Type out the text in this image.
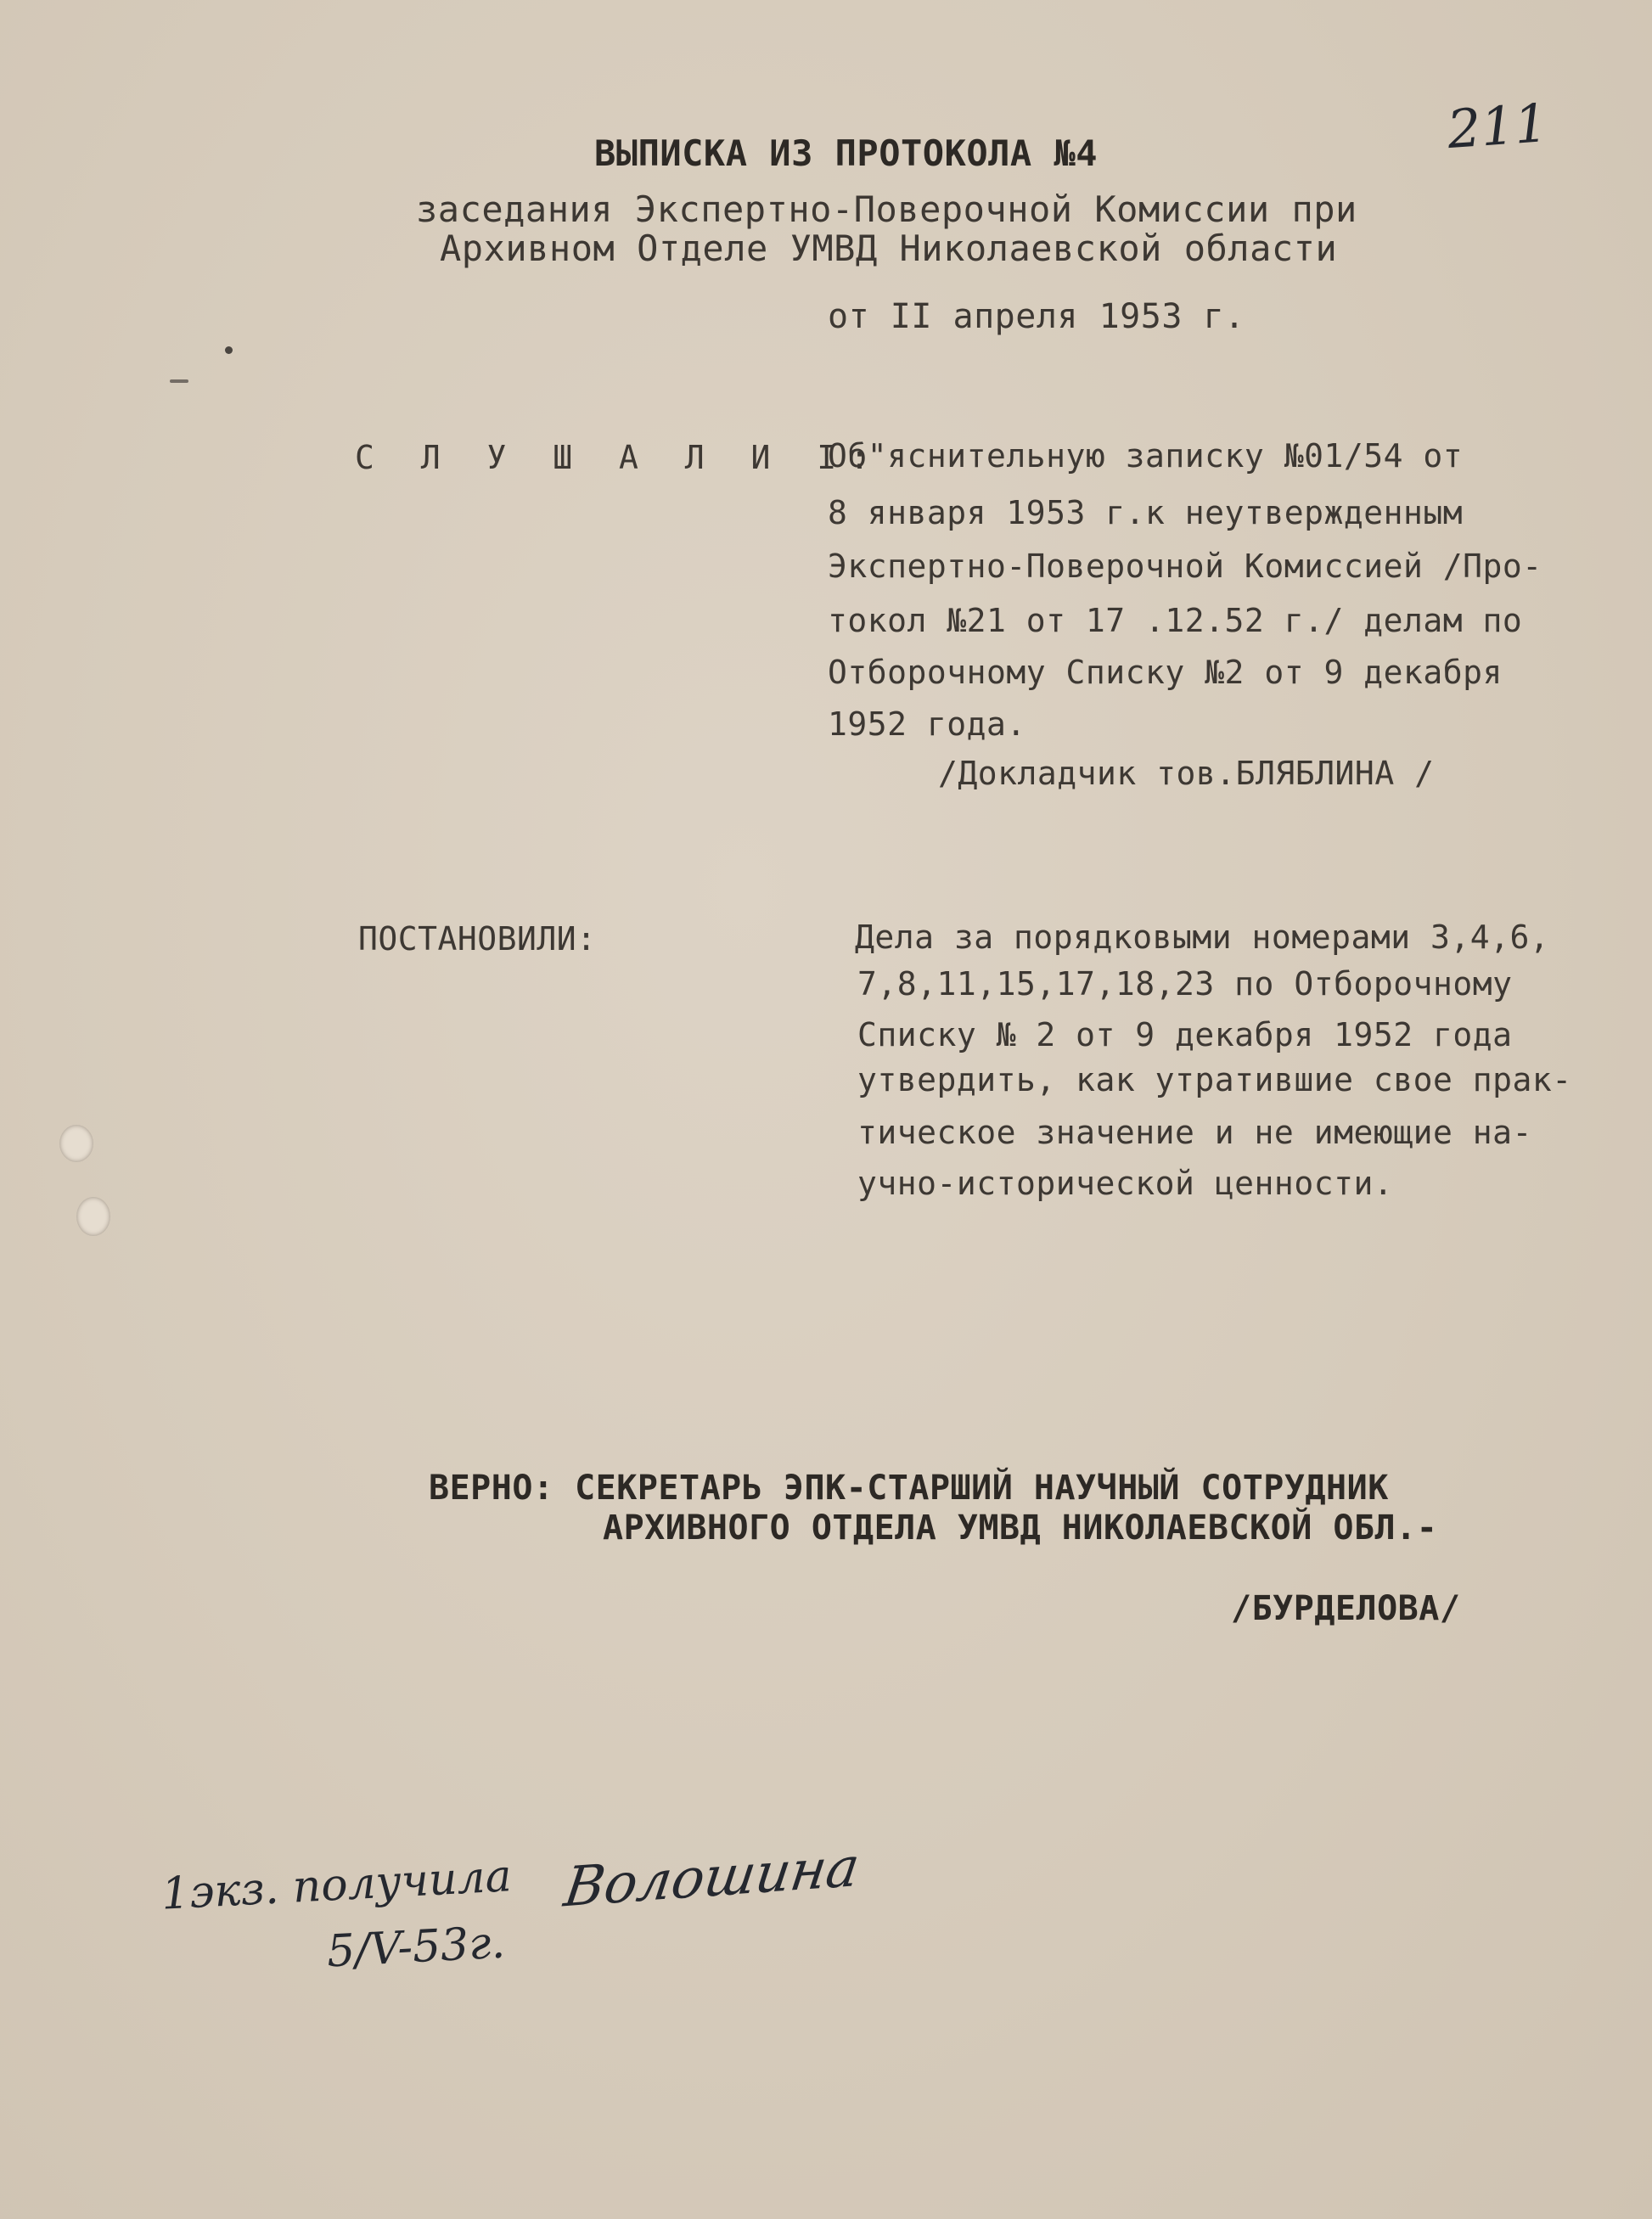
211
ВЫПИСКА ИЗ ПРОТОКОЛА №4
заседания Экспертно-Поверочной Комиссии при
Архивном Отделе УМВД Николаевской области
от II апреля 1953 г.
С Л У Ш А Л И I:
Об"яснительную записку №01/54 от
8 января 1953 г.к неутвержденным
Экспертно-Поверочной Комиссией /Про-
токол №21 от 17 .12.52 г./ делам по
Отборочному Списку №2 от 9 декабря
1952 года.
/Докладчик тов.БЛЯБЛИНА /
ПОСТАНОВИЛИ:	Дела за порядковыми номерами 3,4,6,
7,8,11,15,17,18,23 по Отборочному
Списку № 2 от 9 декабря 1952 года
утвердить, как утратившие свое прак-
тическое значение и не имеющие на-
учно-исторической ценности.
ВЕРНО: СЕКРЕТАРЬ ЭПК-СТАРШИЙ НАУЧНЫЙ СОТРУДНИК
АРХИВНОГО ОТДЕЛА УМВД НИКОЛАЕВСКОЙ ОБЛ.-
/БУРДЕЛОВА/
1экз. получила Волошина
5/V-53г.
